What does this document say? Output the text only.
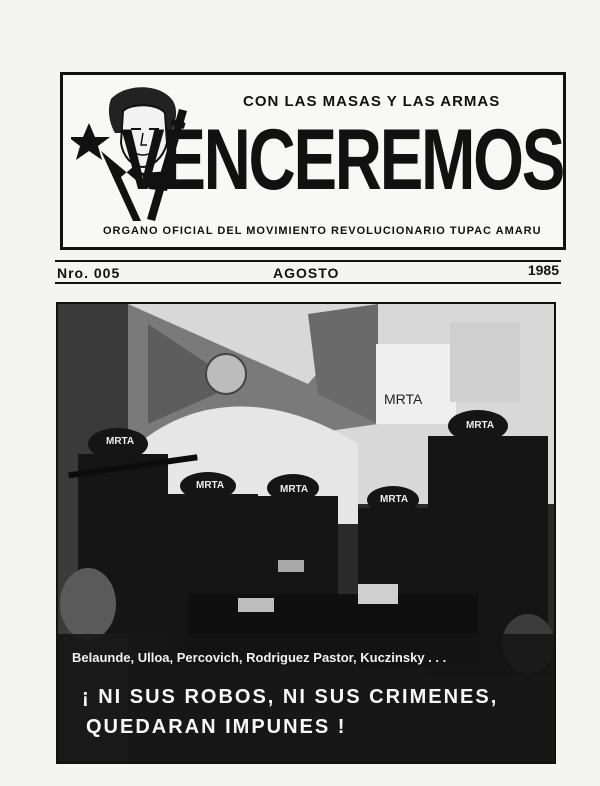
CON LAS MASAS Y LAS ARMAS
VENCEREMOS
ORGANO OFICIAL DEL MOVIMIENTO REVOLUCIONARIO TUPAC AMARU
Nro. 005	AGOSTO	1985
MRTA
MRTA
MRTA	MRTA
MRTA
MRTA
Belaunde, Ulloa, Percovich, Rodriguez Pastor, Kuczinsky . . .
¡ NI SUS ROBOS, NI SUS CRIMENES,
QUEDARAN IMPUNES !
